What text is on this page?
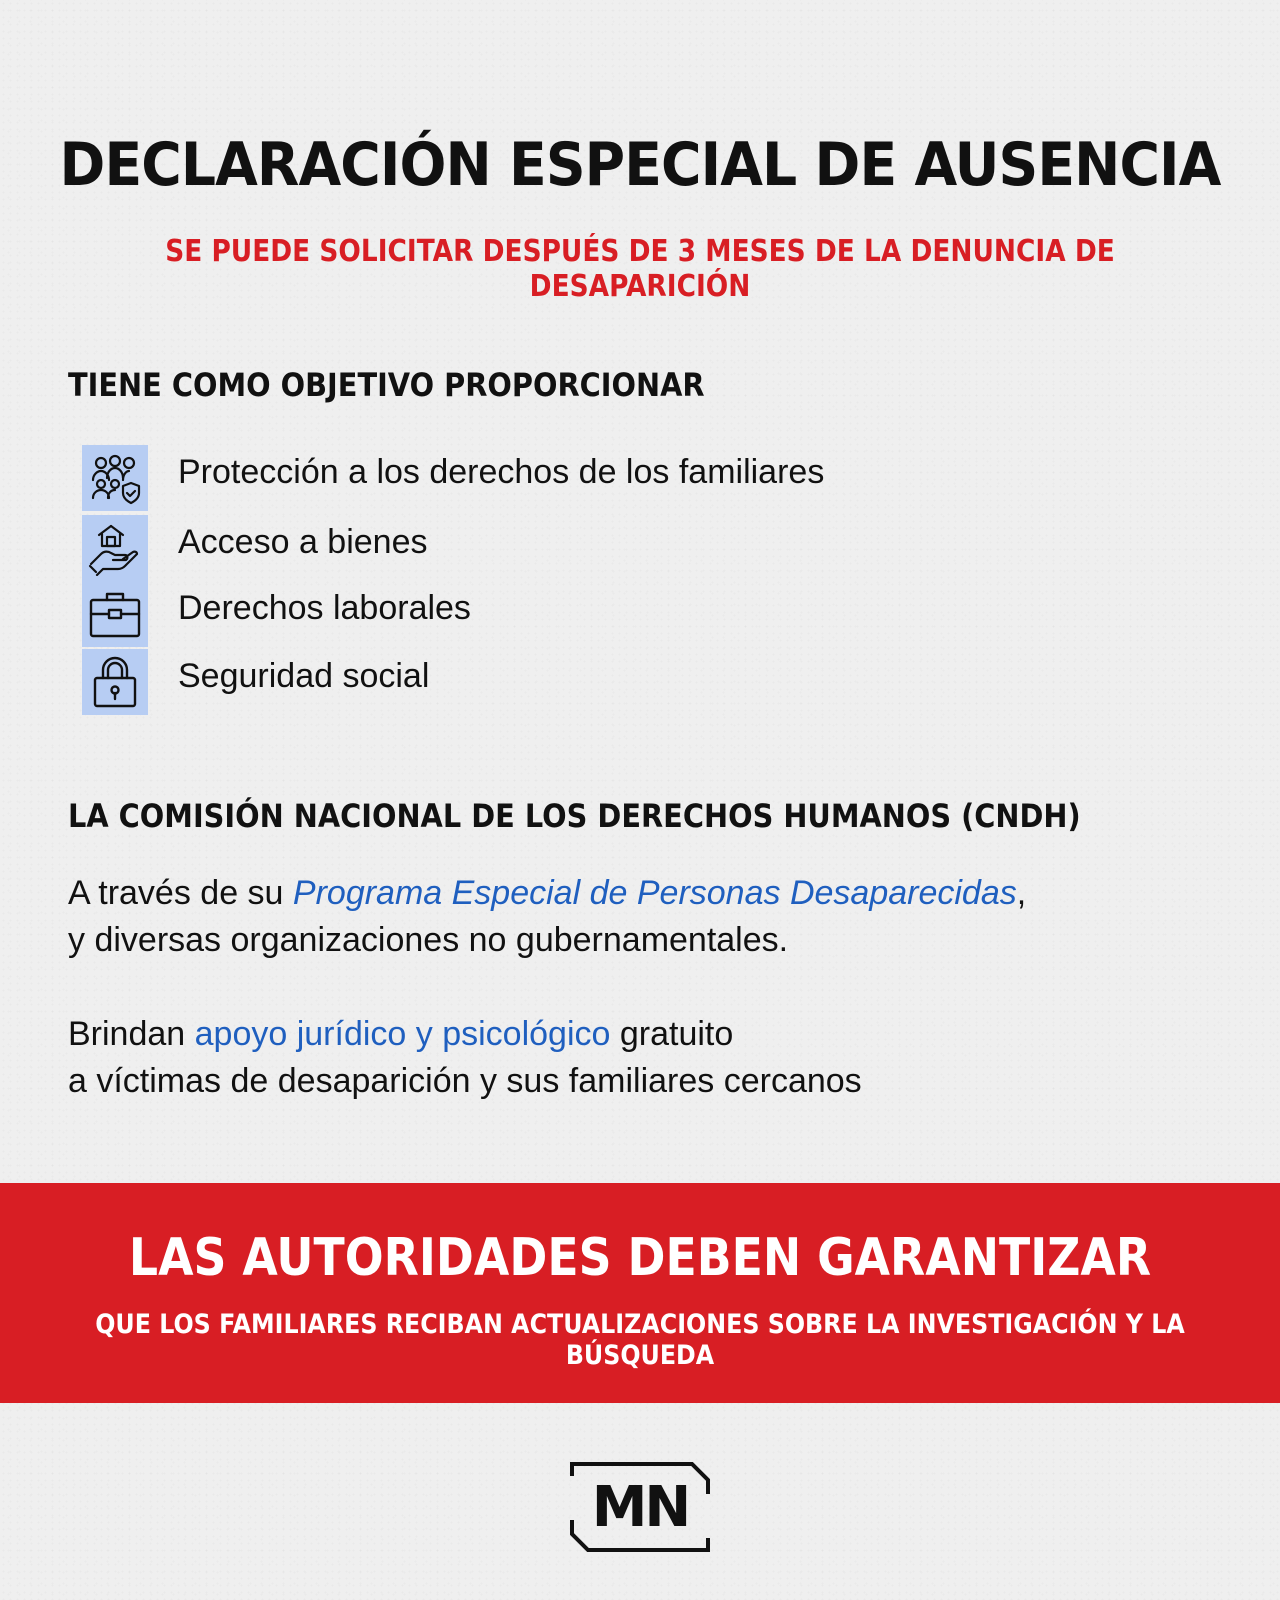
DECLARACIÓN ESPECIAL DE AUSENCIA
SE PUEDE SOLICITAR DESPUÉS DE 3 MESES DE LA DENUNCIA DE DESAPARICIÓN
TIENE COMO OBJETIVO PROPORCIONAR
Protección a los derechos de los familiares
Acceso a bienes
Derechos laborales
Seguridad social
LA COMISIÓN NACIONAL DE LOS DERECHOS HUMANOS (CNDH)
A través de su Programa Especial de Personas Desaparecidas,
y diversas organizaciones no gubernamentales.
Brindan apoyo jurídico y psicológico gratuito
a víctimas de desaparición y sus familiares cercanos
LAS AUTORIDADES DEBEN GARANTIZAR
QUE LOS FAMILIARES RECIBAN ACTUALIZACIONES SOBRE LA INVESTIGACIÓN Y LA BÚSQUEDA
MN
